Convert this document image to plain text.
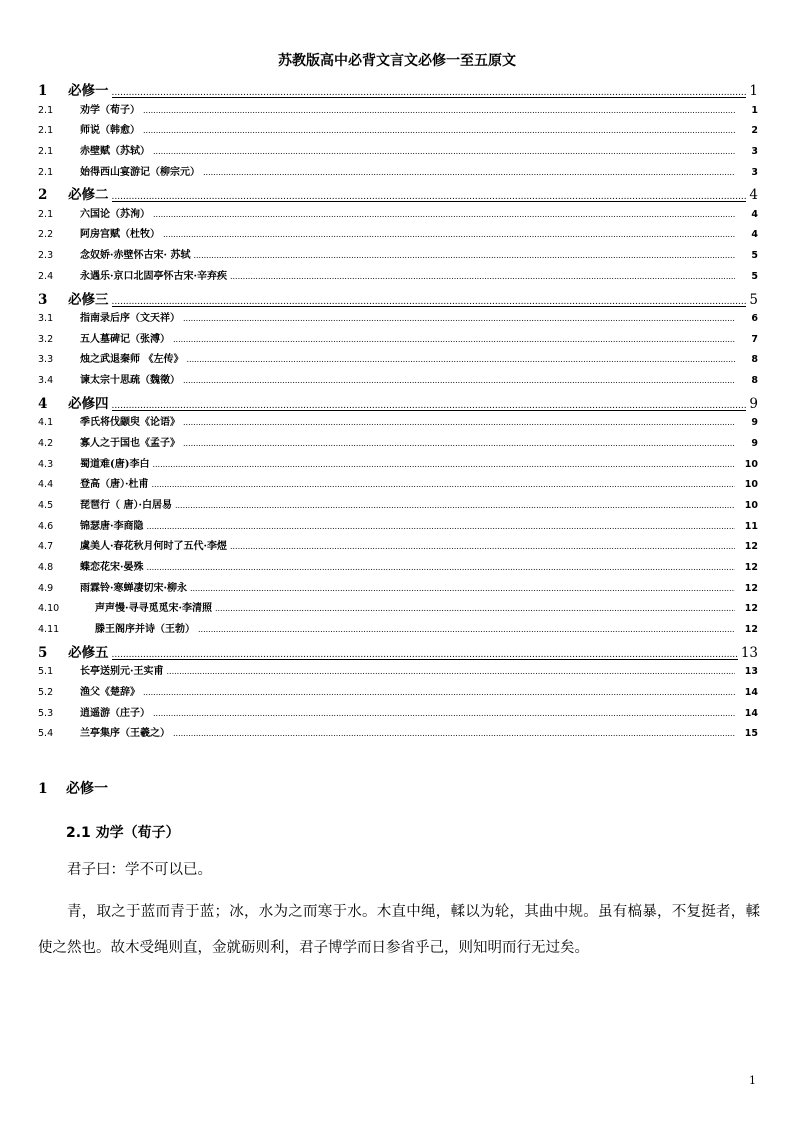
苏教版高中必背文言文必修一至五原文
1	必修一 .....	1
2.1	劝学（荀子） .....	1
2.1	师说（韩愈） .....	2
2.1	赤壁赋（苏轼） .....	3
2.1	始得西山宴游记（柳宗元） .....	3
2	必修二 .....	4
2.1	六国论（苏洵） .....	4
2.2	阿房宫赋（杜牧） .....	4
2.3	念奴娇·赤壁怀古宋· 苏轼 .....	5
2.4	永遇乐·京口北固亭怀古宋·辛弃疾 .....	5
3	必修三 .....	5
3.1	指南录后序（文天祥） .....	6
3.2	五人墓碑记（张溥） .....	7
3.3	烛之武退秦师 《左传》 .....	8
3.4	谏太宗十思疏（魏徵） .....	8
4	必修四 .....	9
4.1	季氏将伐颛臾《论语》 .....	9
4.2	寡人之于国也《孟子》 .....	9
4.3	蜀道难(唐)李白 .....	10
4.4	登高（唐）·杜甫 .....	10
4.5	琵琶行（ 唐）·白居易 .....	10
4.6	锦瑟唐·李商隐 .....	11
4.7	虞美人·春花秋月何时了五代·李煜 .....	12
4.8	蝶恋花宋·晏殊 .....	12
4.9	雨霖铃·寒蝉凄切宋·柳永 .....	12
4.10	声声慢·寻寻觅觅宋·李清照 .....	12
4.11	滕王阁序并诗（王勃） .....	12
5	必修五 .....	13
5.1	长亭送别元·王实甫 .....	13
5.2	渔父《楚辞》 .....	14
5.3	逍遥游（庄子） .....	14
5.4	兰亭集序（王羲之） .....	15
1 必修一
2.1 劝学（荀子）
君子曰：学不可以已。
青，取之于蓝而青于蓝；冰，水为之而寒于水。木直中绳，輮以为轮，其曲中规。虽有槁暴，不复挺者，輮使之然也。故木受绳则直，金就砺则利，君子博学而日参省乎己，则知明而行无过矣。
1
